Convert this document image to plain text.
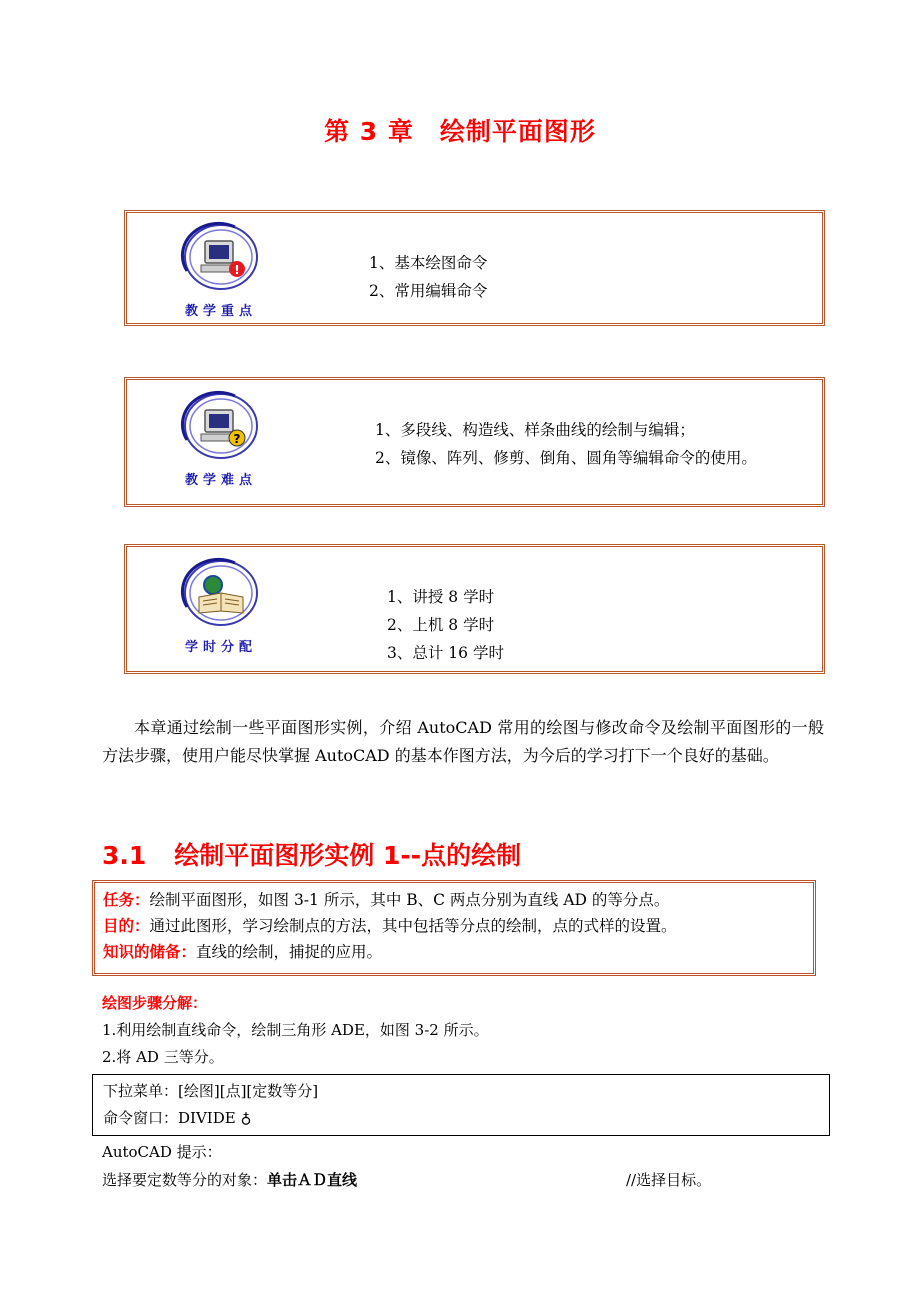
第 3 章 绘制平面图形
!
教学重点
1、基本绘图命令
2、常用编辑命令
?
教学难点
1、多段线、构造线、样条曲线的绘制与编辑；
2、镜像、阵列、修剪、倒角、圆角等编辑命令的使用。
学时分配
1、讲授 8 学时
2、上机 8 学时
3、总计 16 学时

本章通过绘制一些平面图形实例，介绍 AutoCAD 常用的绘图与修改命令及绘制平面图形的一般方法步骤，使用户能尽快掌握 AutoCAD 的基本作图方法，为今后的学习打下一个良好的基础。

3.1 绘制平面图形实例 1--点的绘制
任务：绘制平面图形，如图 3-1 所示，其中 B、C 两点分别为直线 AD 的等分点。
目的：通过此图形，学习绘制点的方法，其中包括等分点的绘制，点的式样的设置。
知识的储备：直线的绘制，捕捉的应用。
绘图步骤分解：
1.利用绘制直线命令，绘制三角形 ADE，如图 3-2 所示。
2.将 AD 三等分。
下拉菜单：[绘图][点][定数等分]
命令窗口：DIVIDE ♁
AutoCAD 提示：
选择要定数等分的对象：单击ＡＤ直线	//选择目标。
